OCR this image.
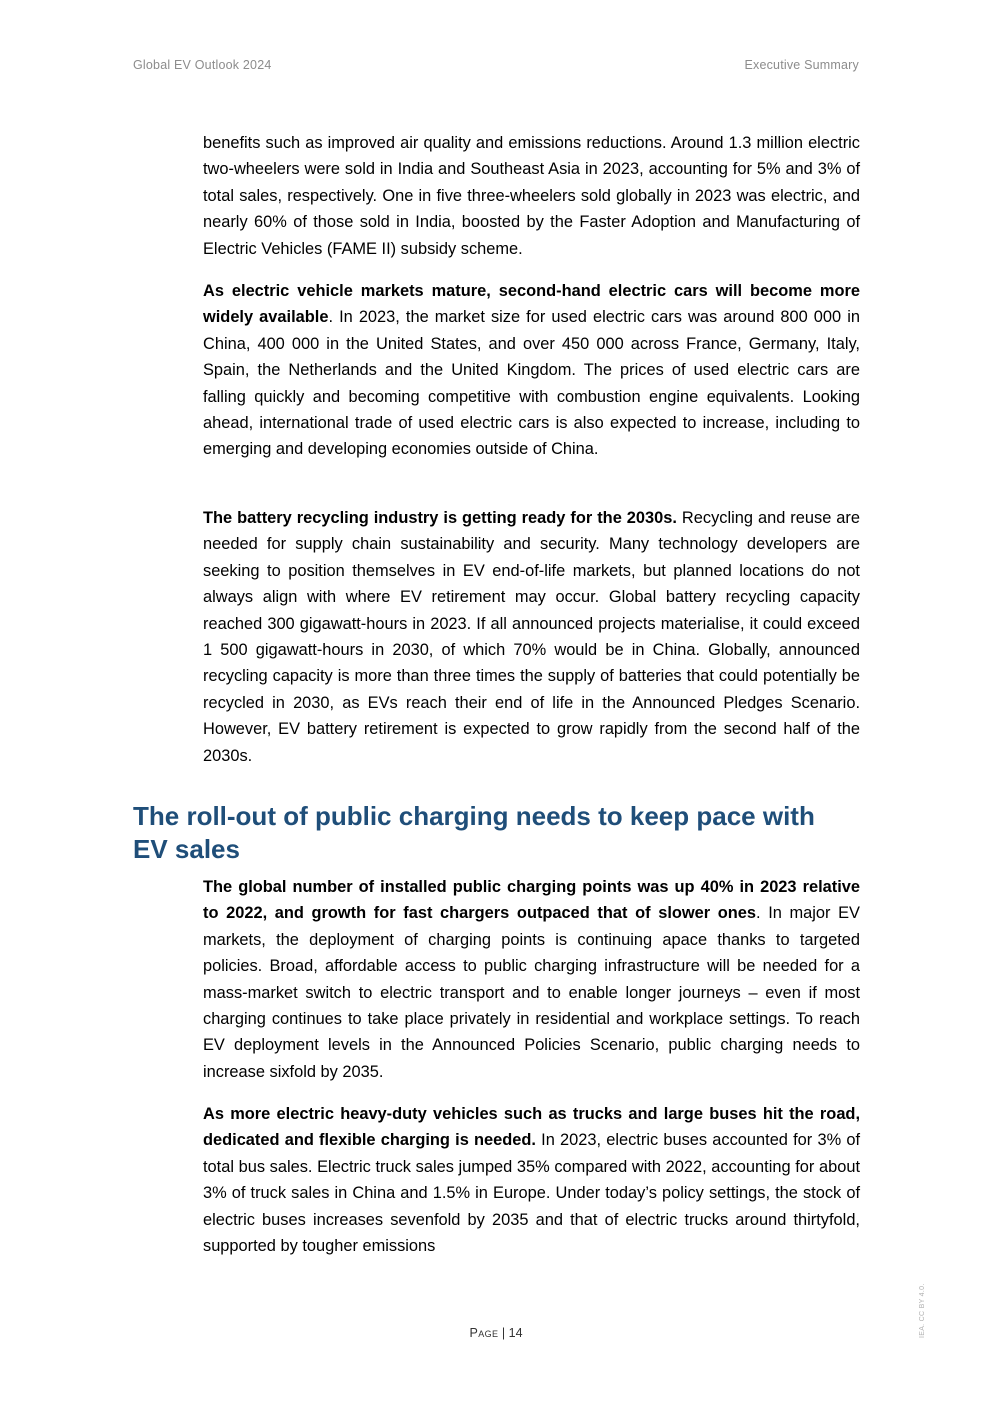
Global EV Outlook 2024	Executive Summary

benefits such as improved air quality and emissions reductions. Around 1.3 million electric two-wheelers were sold in India and Southeast Asia in 2023, accounting for 5% and 3% of total sales, respectively. One in five three-wheelers sold globally in 2023 was electric, and nearly 60% of those sold in India, boosted by the Faster Adoption and Manufacturing of Electric Vehicles (FAME II) subsidy scheme.

As electric vehicle markets mature, second-hand electric cars will become more widely available. In 2023, the market size for used electric cars was around 800 000 in China, 400 000 in the United States, and over 450 000 across France, Germany, Italy, Spain, the Netherlands and the United Kingdom. The prices of used electric cars are falling quickly and becoming competitive with combustion engine equivalents. Looking ahead, international trade of used electric cars is also expected to increase, including to emerging and developing economies outside of China.

The battery recycling industry is getting ready for the 2030s. Recycling and reuse are needed for supply chain sustainability and security. Many technology developers are seeking to position themselves in EV end-of-life markets, but planned locations do not always align with where EV retirement may occur. Global battery recycling capacity reached 300 gigawatt-hours in 2023. If all announced projects materialise, it could exceed 1 500 gigawatt-hours in 2030, of which 70% would be in China. Globally, announced recycling capacity is more than three times the supply of batteries that could potentially be recycled in 2030, as EVs reach their end of life in the Announced Pledges Scenario. However, EV battery retirement is expected to grow rapidly from the second half of the 2030s.

The roll-out of public charging needs to keep pace with EV sales

The global number of installed public charging points was up 40% in 2023 relative to 2022, and growth for fast chargers outpaced that of slower ones. In major EV markets, the deployment of charging points is continuing apace thanks to targeted policies. Broad, affordable access to public charging infrastructure will be needed for a mass-market switch to electric transport and to enable longer journeys – even if most charging continues to take place privately in residential and workplace settings. To reach EV deployment levels in the Announced Policies Scenario, public charging needs to increase sixfold by 2035.

As more electric heavy-duty vehicles such as trucks and large buses hit the road, dedicated and flexible charging is needed. In 2023, electric buses accounted for 3% of total bus sales. Electric truck sales jumped 35% compared with 2022, accounting for about 3% of truck sales in China and 1.5% in Europe. Under today’s policy settings, the stock of electric buses increases sevenfold by 2035 and that of electric trucks around thirtyfold, supported by tougher emissions

Page | 14	IEA. CC BY 4.0.
